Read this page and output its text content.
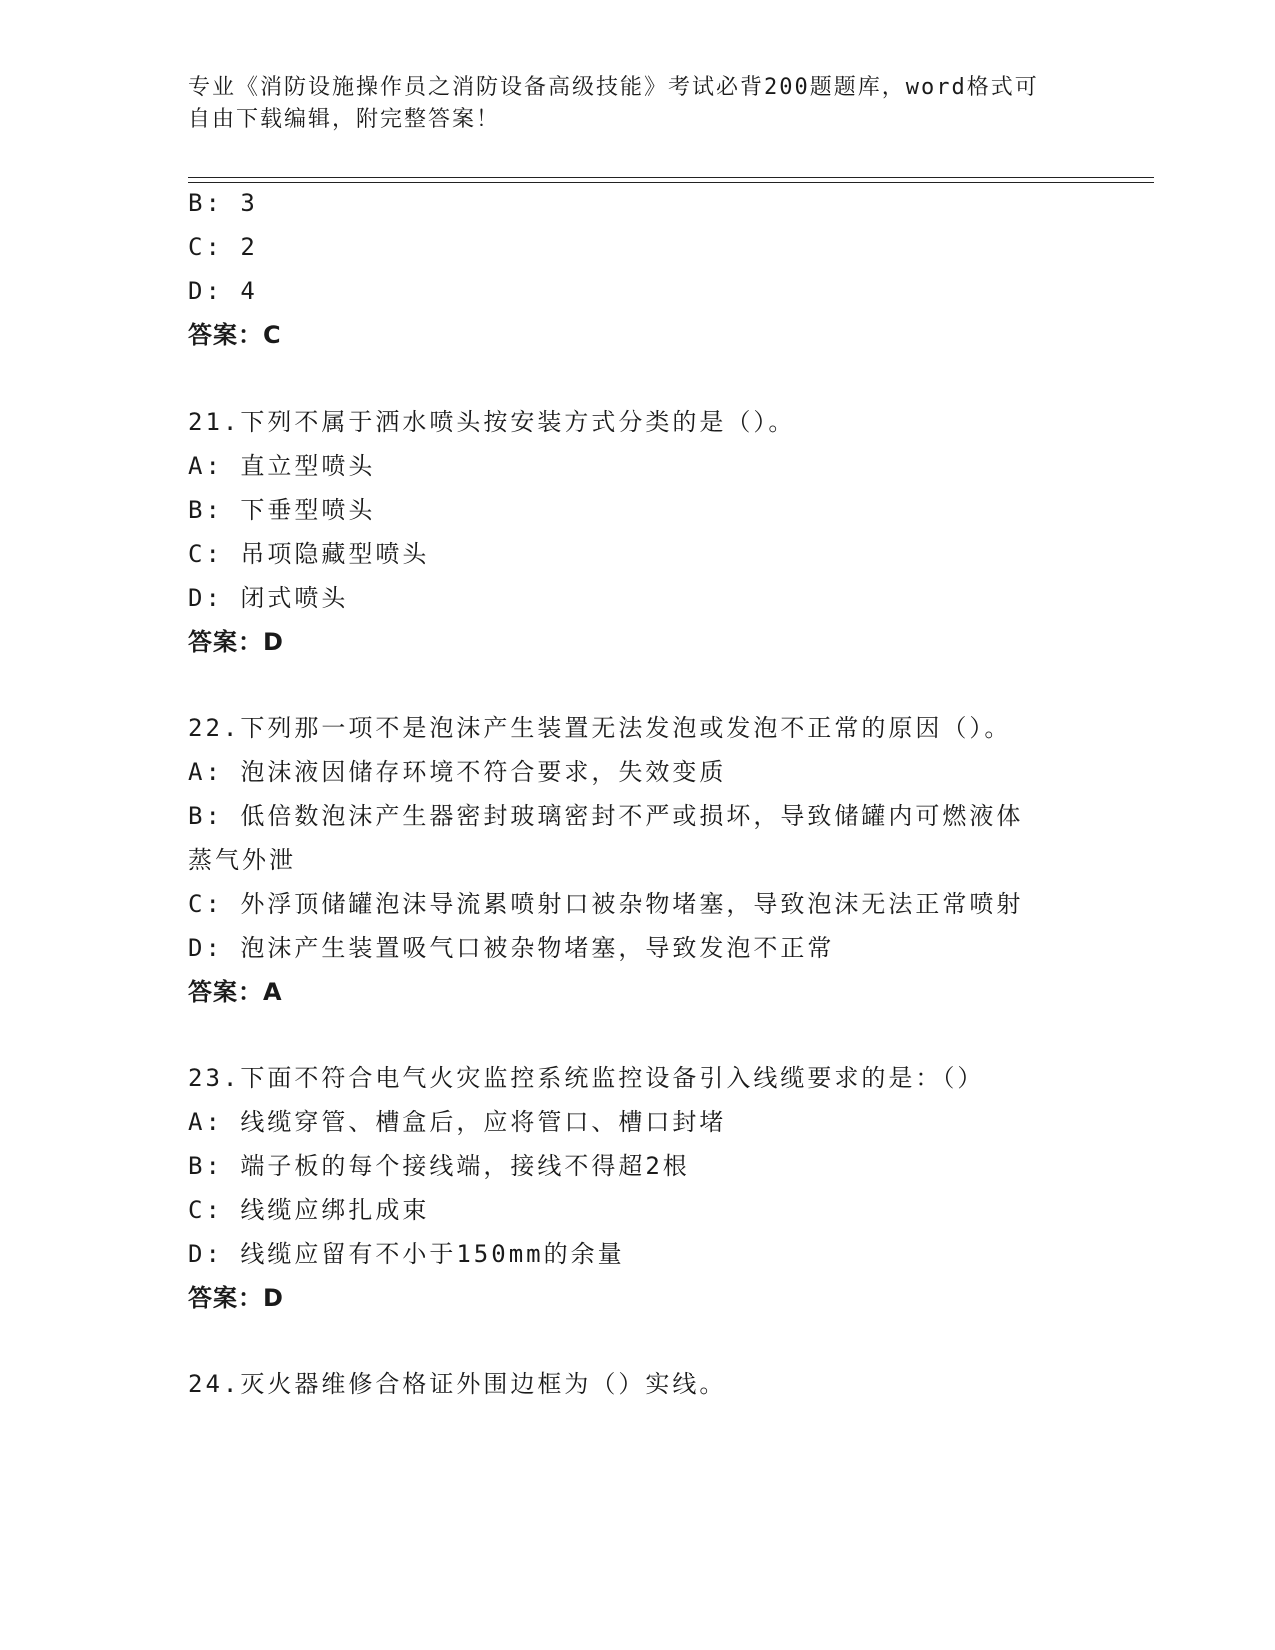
专业《消防设施操作员之消防设备高级技能》考试必背200题题库，word格式可
自由下载编辑，附完整答案！
B: 3
C: 2
D: 4
答案：C
21.下列不属于洒水喷头按安装方式分类的是（）。
A: 直立型喷头
B: 下垂型喷头
C: 吊项隐藏型喷头
D: 闭式喷头
答案：D
22.下列那一项不是泡沫产生装置无法发泡或发泡不正常的原因（）。
A: 泡沫液因储存环境不符合要求，失效变质
B: 低倍数泡沫产生器密封玻璃密封不严或损坏，导致储罐内可燃液体
蒸气外泄
C: 外浮顶储罐泡沫导流累喷射口被杂物堵塞，导致泡沫无法正常喷射
D: 泡沫产生装置吸气口被杂物堵塞，导致发泡不正常
答案：A
23.下面不符合电气火灾监控系统监控设备引入线缆要求的是：（）
A: 线缆穿管、槽盒后，应将管口、槽口封堵
B: 端子板的每个接线端，接线不得超2根
C: 线缆应绑扎成束
D: 线缆应留有不小于150mm的余量
答案：D
24.灭火器维修合格证外围边框为（）实线。
